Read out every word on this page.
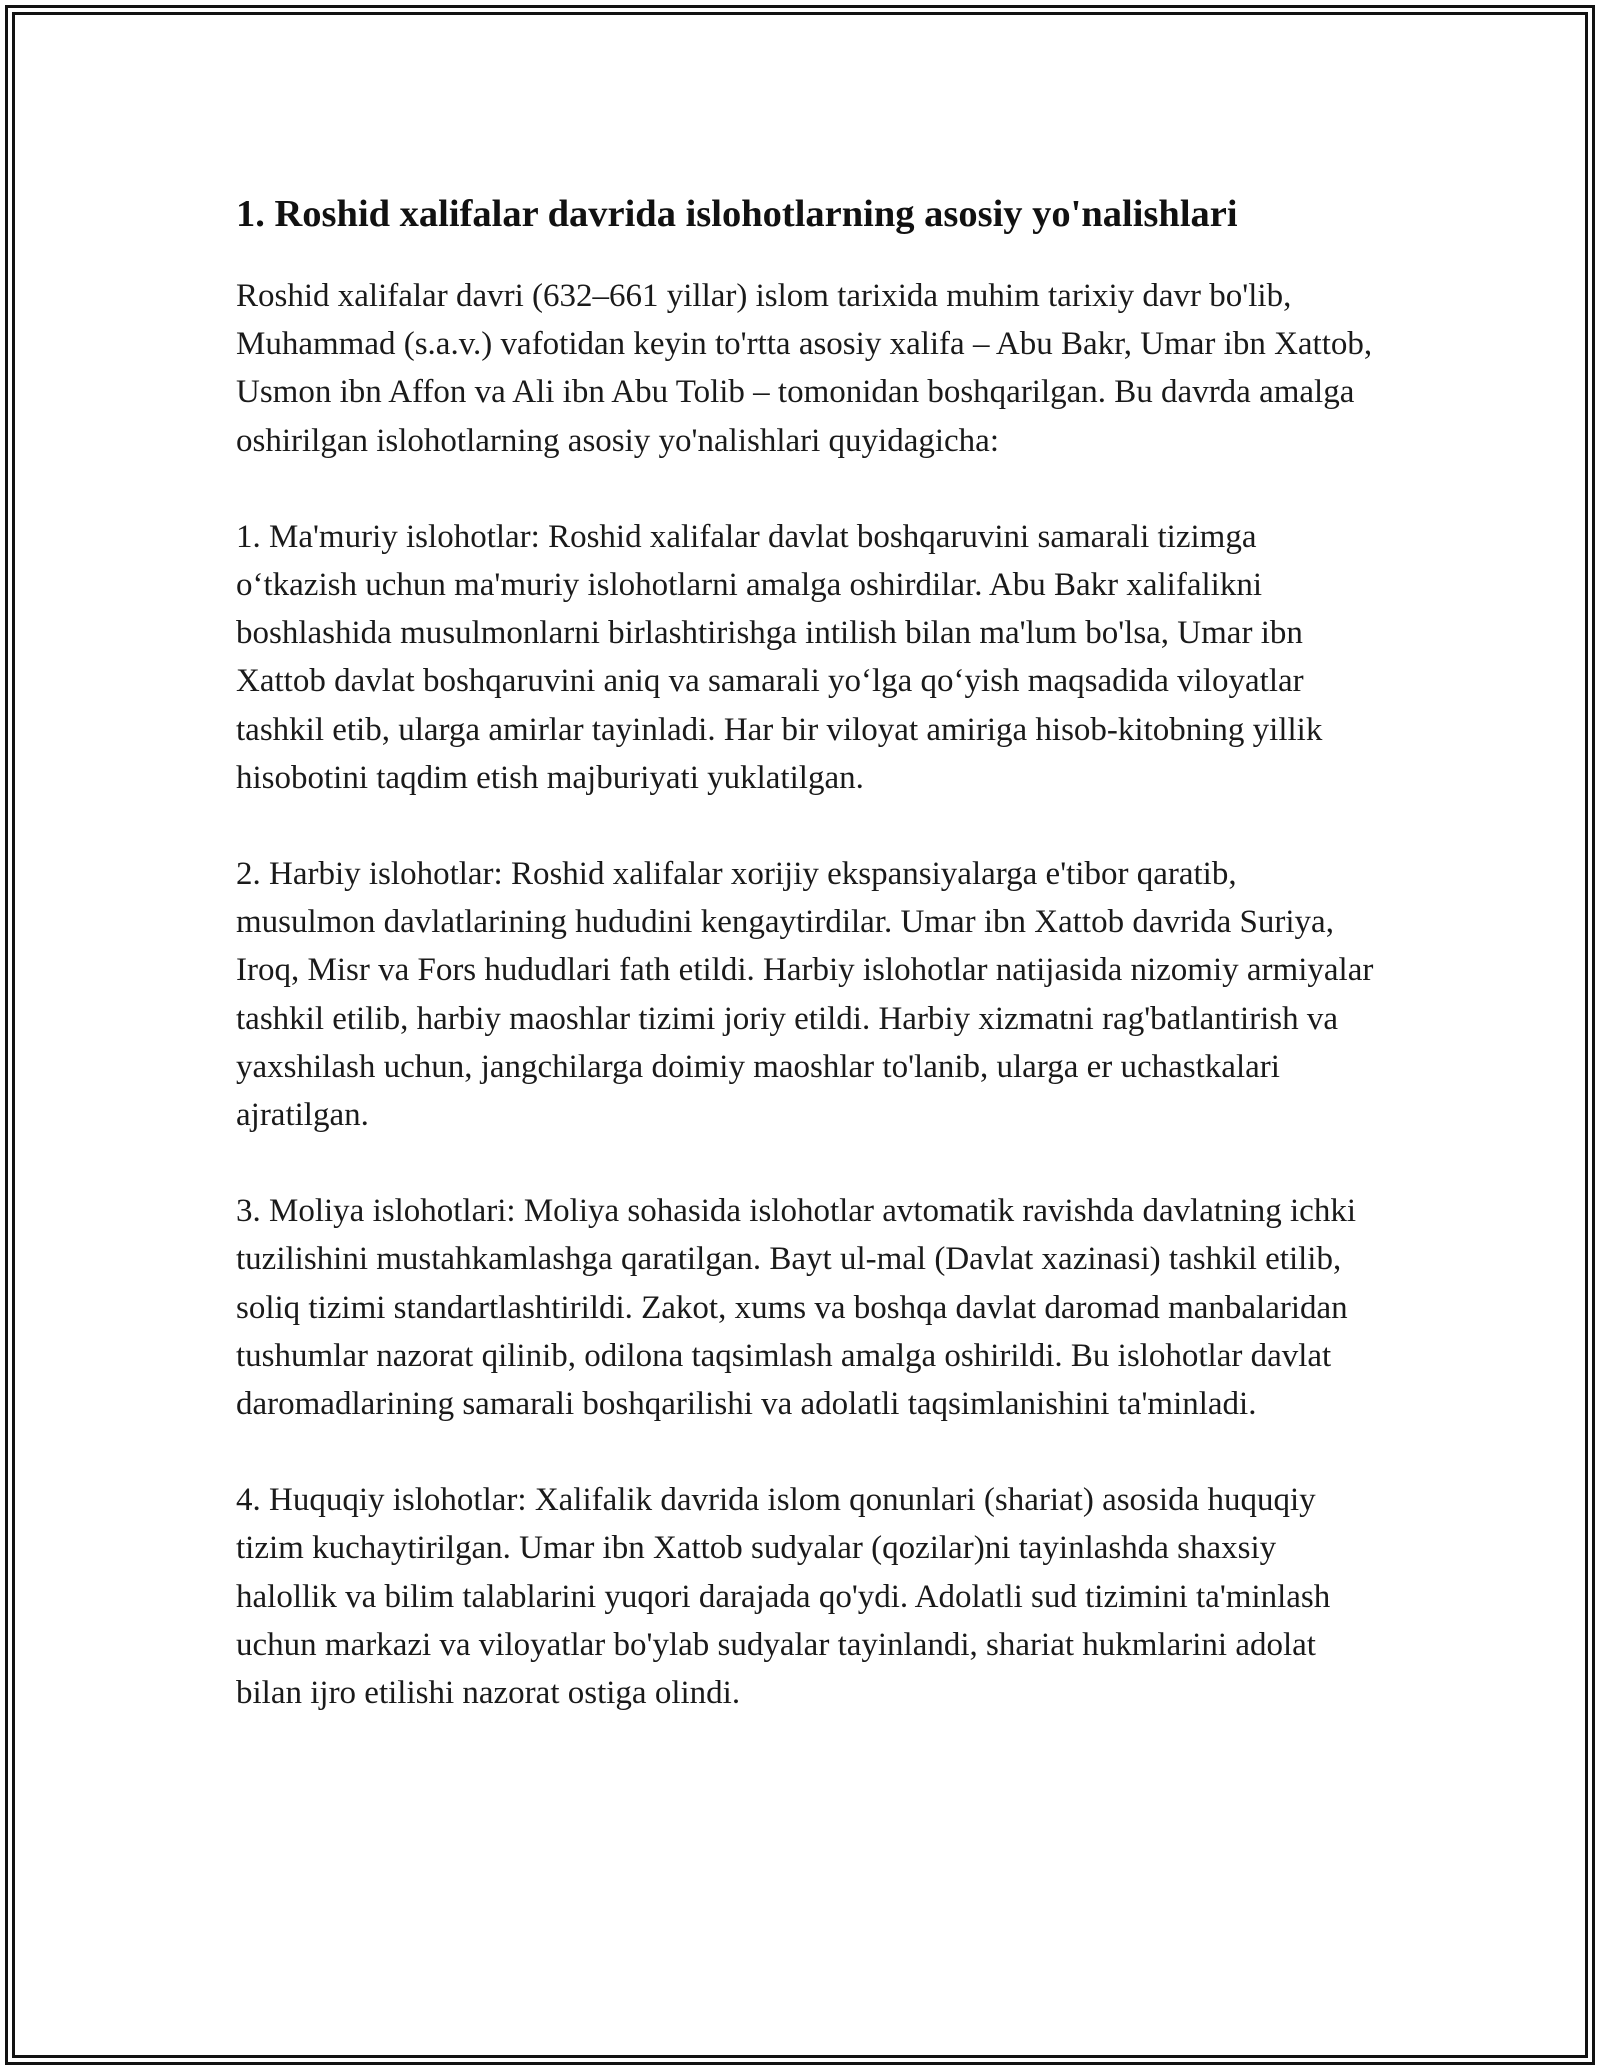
1. Roshid xalifalar davrida islohotlarning asosiy yo'nalishlari

Roshid xalifalar davri (632–661 yillar) islom tarixida muhim tarixiy davr bo'lib, Muhammad (s.a.v.) vafotidan keyin to'rtta asosiy xalifa – Abu Bakr, Umar ibn Xattob, Usmon ibn Affon va Ali ibn Abu Tolib – tomonidan boshqarilgan. Bu davrda amalga oshirilgan islohotlarning asosiy yo'nalishlari quyidagicha:

1. Ma'muriy islohotlar: Roshid xalifalar davlat boshqaruvini samarali tizimga o‘tkazish uchun ma'muriy islohotlarni amalga oshirdilar. Abu Bakr xalifalikni boshlashida musulmonlarni birlashtirishga intilish bilan ma'lum bo'lsa, Umar ibn Xattob davlat boshqaruvini aniq va samarali yo‘lga qo‘yish maqsadida viloyatlar tashkil etib, ularga amirlar tayinladi. Har bir viloyat amiriga hisob-kitobning yillik hisobotini taqdim etish majburiyati yuklatilgan.

2. Harbiy islohotlar: Roshid xalifalar xorijiy ekspansiyalarga e'tibor qaratib, musulmon davlatlarining hududini kengaytirdilar. Umar ibn Xattob davrida Suriya, Iroq, Misr va Fors hududlari fath etildi. Harbiy islohotlar natijasida nizomiy armiyalar tashkil etilib, harbiy maoshlar tizimi joriy etildi. Harbiy xizmatni rag'batlantirish va yaxshilash uchun, jangchilarga doimiy maoshlar to'lanib, ularga er uchastkalari ajratilgan.

3. Moliya islohotlari: Moliya sohasida islohotlar avtomatik ravishda davlatning ichki tuzilishini mustahkamlashga qaratilgan. Bayt ul-mal (Davlat xazinasi) tashkil etilib, soliq tizimi standartlashtirildi. Zakot, xums va boshqa davlat daromad manbalaridan tushumlar nazorat qilinib, odilona taqsimlash amalga oshirildi. Bu islohotlar davlat daromadlarining samarali boshqarilishi va adolatli taqsimlanishini ta'minladi.

4. Huquqiy islohotlar: Xalifalik davrida islom qonunlari (shariat) asosida huquqiy tizim kuchaytirilgan. Umar ibn Xattob sudyalar (qozilar)ni tayinlashda shaxsiy halollik va bilim talablarini yuqori darajada qo'ydi. Adolatli sud tizimini ta'minlash uchun markazi va viloyatlar bo'ylab sudyalar tayinlandi, shariat hukmlarini adolat bilan ijro etilishi nazorat ostiga olindi.
